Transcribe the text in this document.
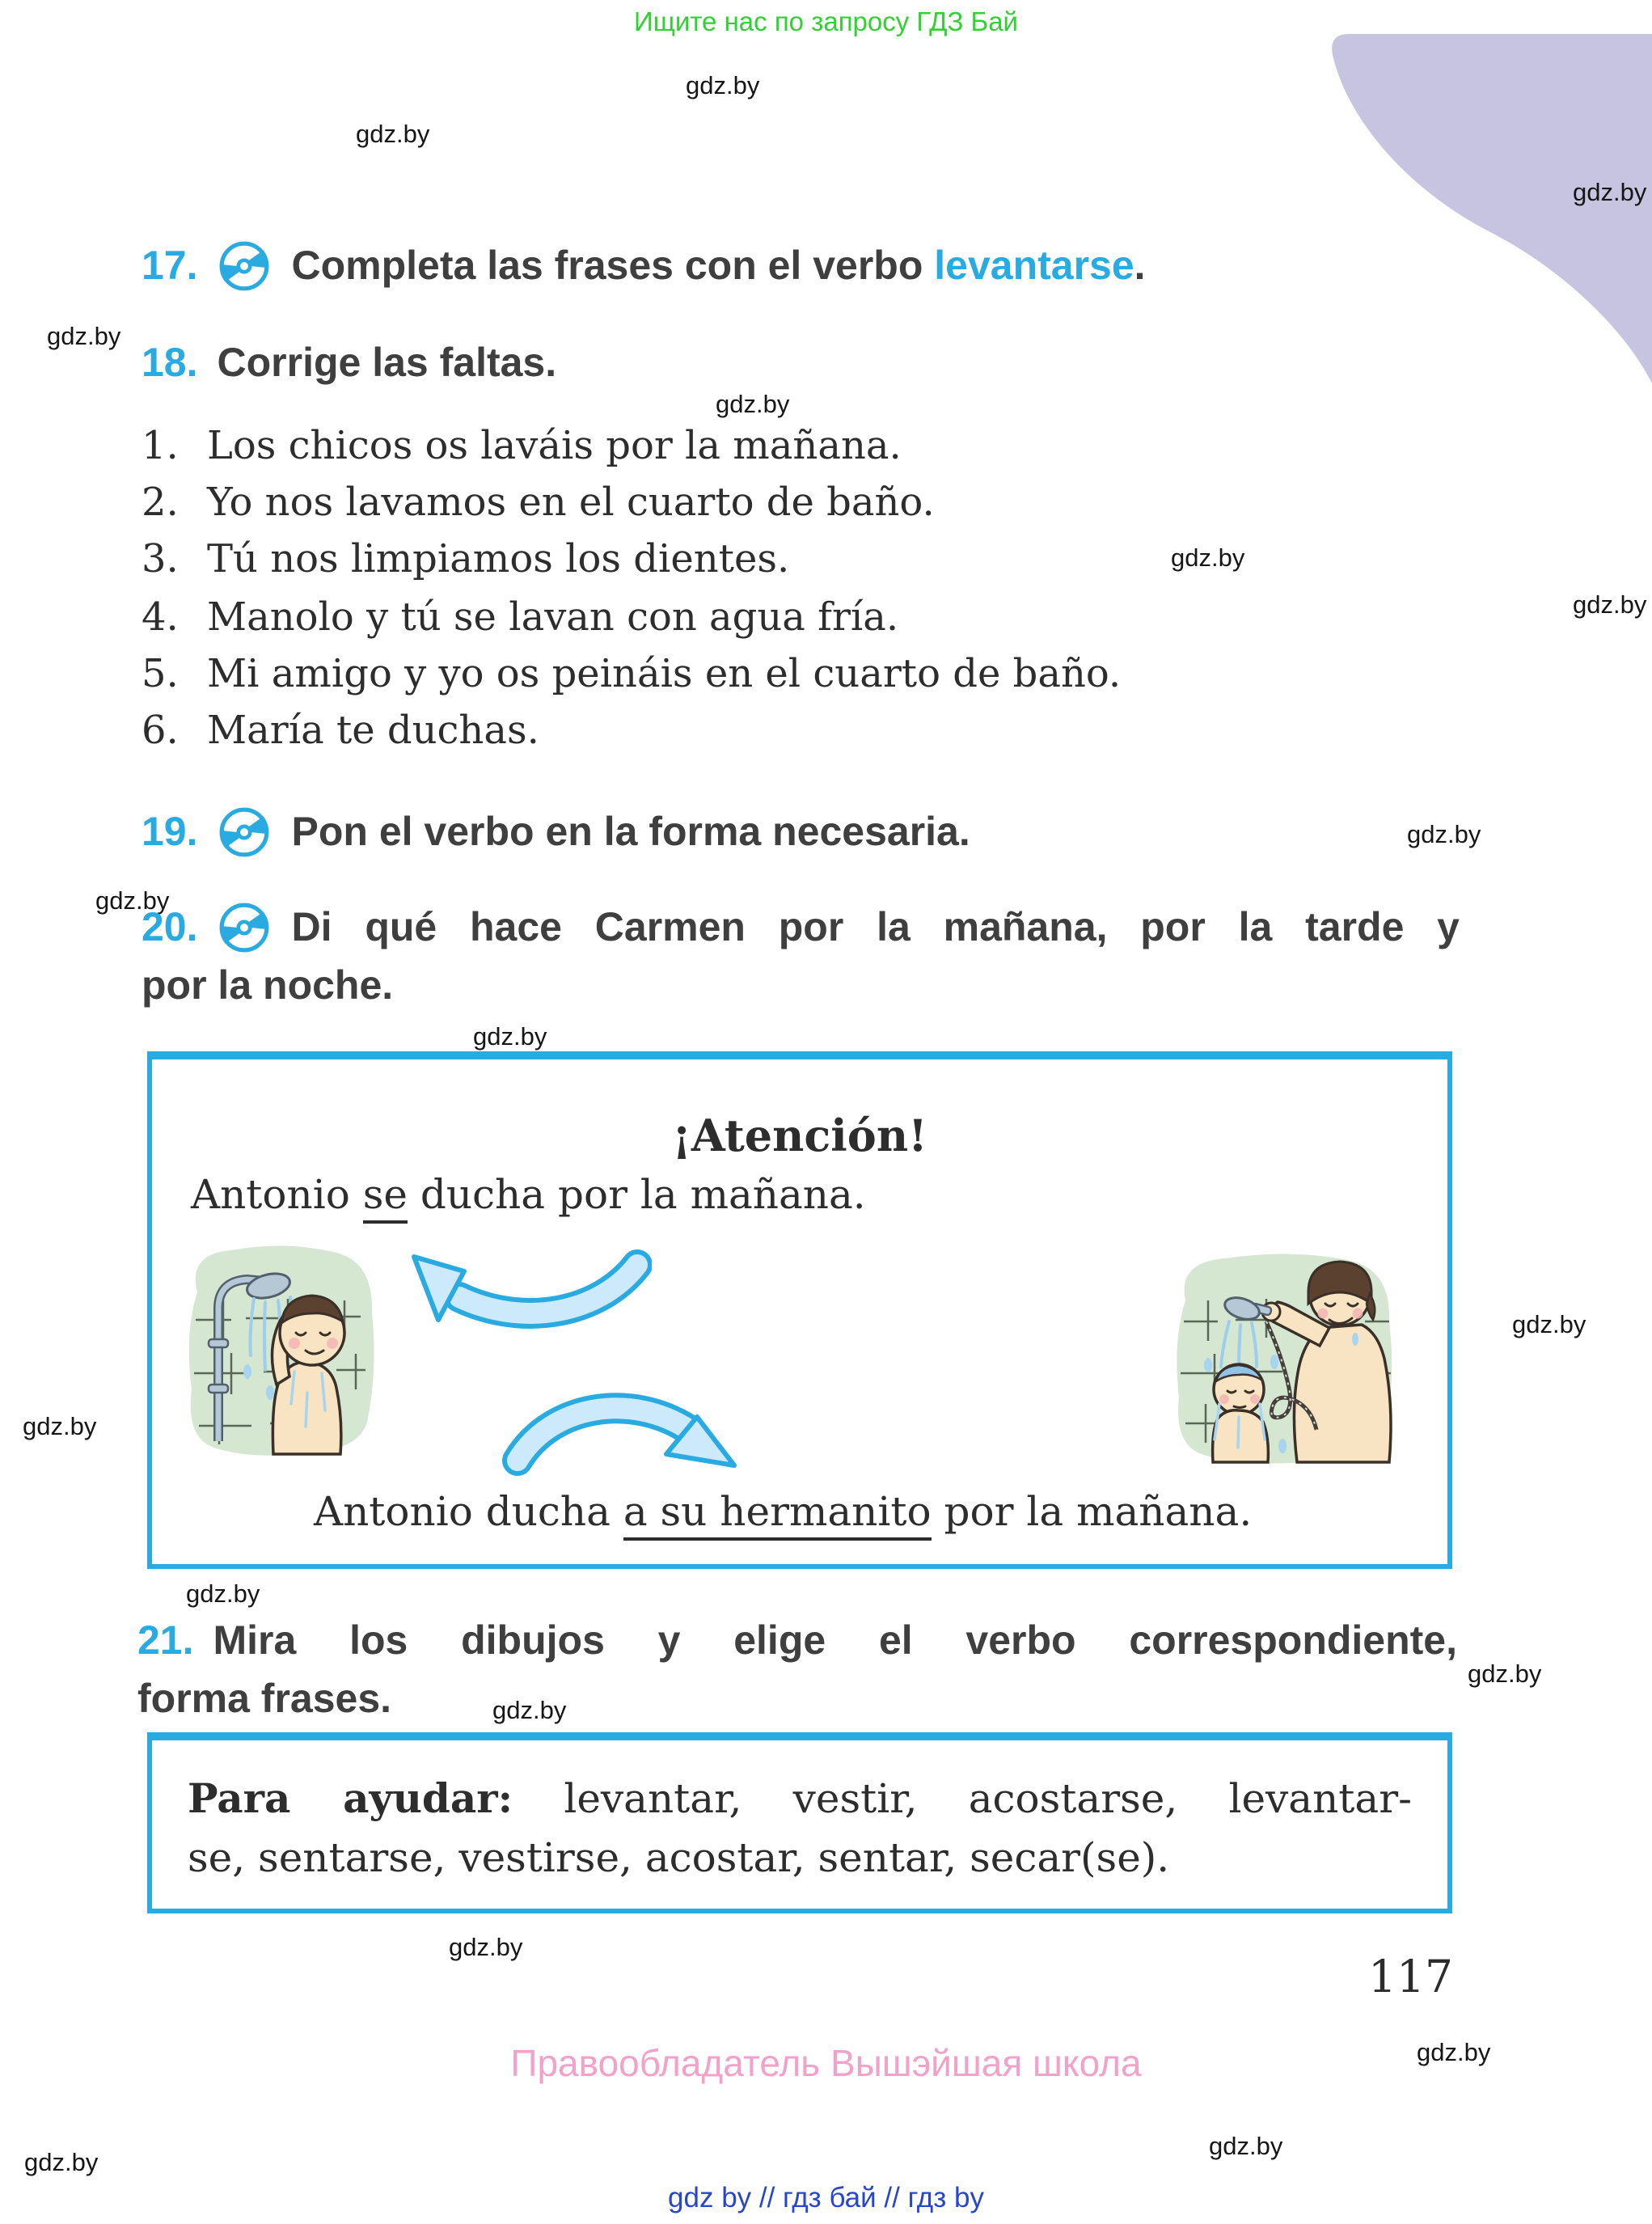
Ищите нас по запросу ГДЗ Бай
gdz.by
gdz.by
gdz.by
gdz.by
gdz.by
gdz.by
gdz.by
gdz.by
gdz.by
gdz.by
gdz.by
gdz.by
gdz.by
gdz.by
gdz.by
gdz.by
gdz.by
gdz.by
gdz.by
17. Completa las frases con el verbo levantarse.
18. Corrige las faltas.
1. Los chicos os laváis por la mañana.
2. Yo nos lavamos en el cuarto de baño.
3. Tú nos limpiamos los dientes.
4. Manolo y tú se lavan con agua fría.
5. Mi amigo y yo os peináis en el cuarto de baño.
6. María te duchas.
19. Pon el verbo en la forma necesaria.
20. Di qué hace Carmen por la mañana, por la tarde y
por la noche.
¡Atención!
Antonio se ducha por la mañana.
Antonio ducha a su hermanito por la mañana.
21. Mira los dibujos y elige el verbo correspondiente,
forma frases.
Para ayudar: levantar, vestir, acostarse, levantar-
se, sentarse, vestirse, acostar, sentar, secar(se).
117
Правообладатель Вышэйшая школа
gdz by // гдз бай // гдз by
